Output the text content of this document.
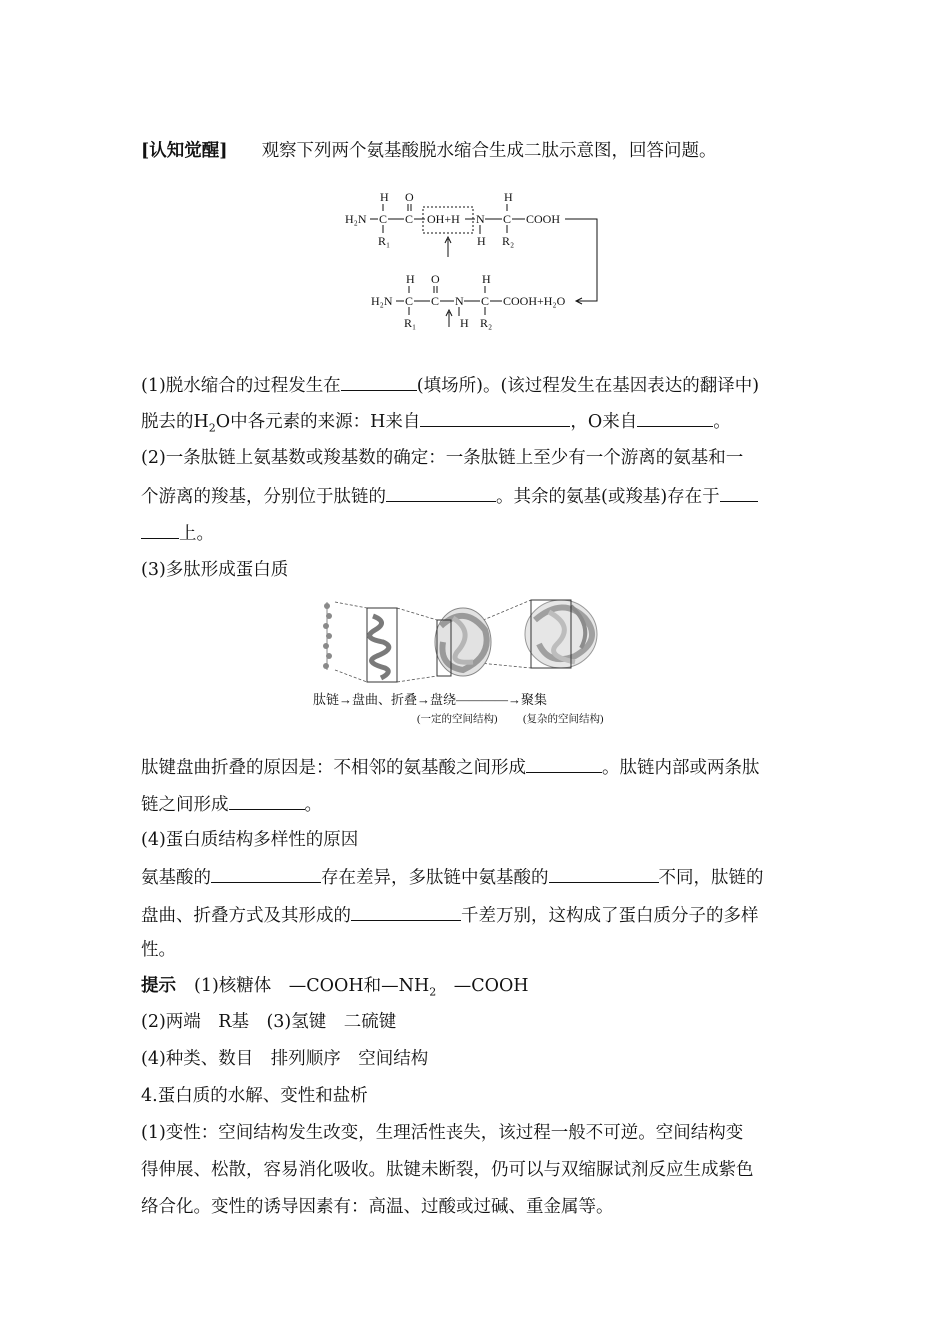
[认知觉醒] 观察下列两个氨基酸脱水缩合生成二肽示意图，回答问题。
H₂N C
H
R₁
C
O
OH+H N
H
C
H
R₂
COOH
H₂N C
H
R₁
C
O
N
H
C
H
R₂
COOH+H₂O
(1)脱水缩合的过程发生在	(填场所)。(该过程发生在基因表达的翻译中)
脱去的$H_2O$中各元素的来源：H来自	，O来自	。
(2)一条肽链上氨基数或羧基数的确定：一条肽链上至少有一个游离的氨基和一
个游离的羧基，分别位于肽链的	。其余的氨基(或羧基)存在于
上。
(3)多肽形成蛋白质
肽链→盘曲、折叠→盘绕————→聚集
(一定的空间结构) (复杂的空间结构)
肽键盘曲折叠的原因是：不相邻的氨基酸之间形成	。肽链内部或两条肽
链之间形成	。
(4)蛋白质结构多样性的原因
氨基酸的	存在差异，多肽链中氨基酸的	不同，肽链的
盘曲、折叠方式及其形成的	千差万别，这构成了蛋白质分子的多样
性。
提示 (1)核糖体　—COOH和$—NH_2$　—COOH
(2)两端　R基　(3)氢键　二硫键
(4)种类、数目　排列顺序　空间结构
4.蛋白质的水解、变性和盐析
(1)变性：空间结构发生改变，生理活性丧失，该过程一般不可逆。空间结构变
得伸展、松散，容易消化吸收。肽键未断裂，仍可以与双缩脲试剂反应生成紫色
络合化。变性的诱导因素有：高温、过酸或过碱、重金属等。
